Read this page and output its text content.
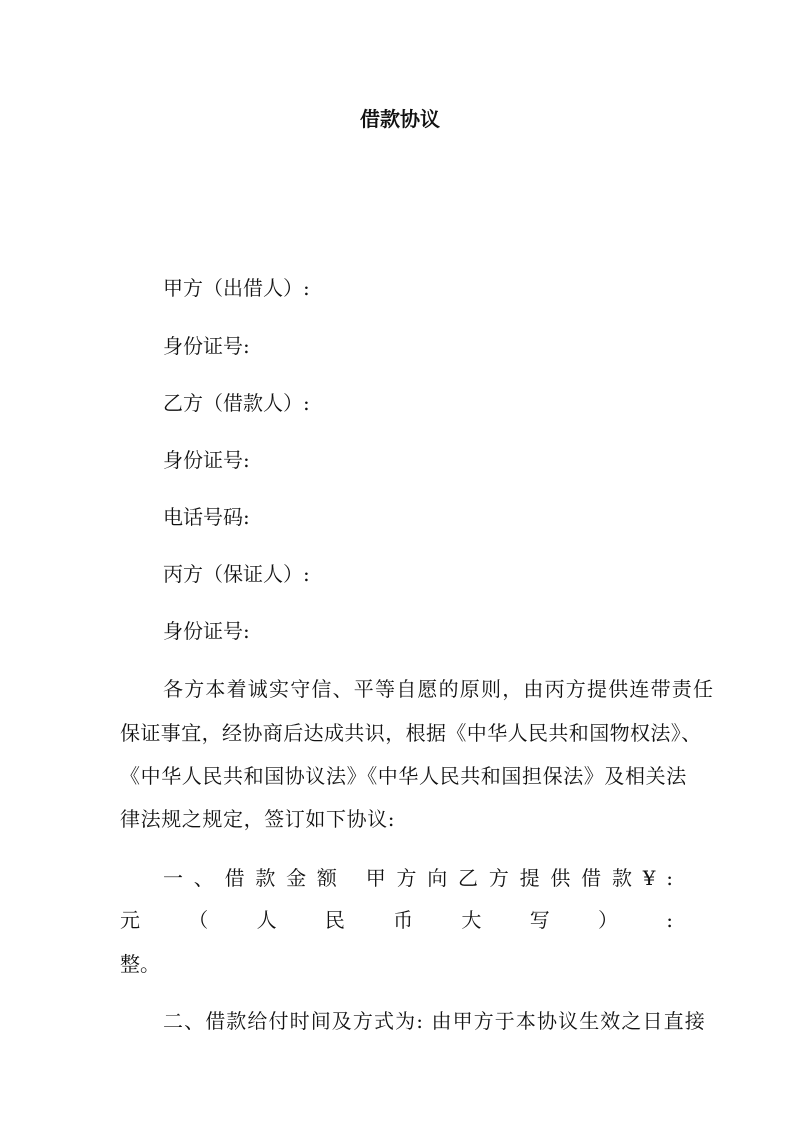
借款协议

甲方（出借人）:

身份证号:

乙方（借款人）:

身份证号:

电话号码:

丙方（保证人）:

身份证号:

各方本着诚实守信、平等自愿的原则，由丙方提供连带责任

保证事宜，经协商后达成共识，根据《中华人民共和国物权法》、

《中华人民共和国协议法》《中华人民共和国担保法》及相关法

律法规之规定，签订如下协议:

一 、 借 款 金 额 甲 方 向 乙 方 提 供 借 款 ¥ :
元 （ 人 民 币 大 写 ） :

整。

二、借款给付时间及方式为: 由甲方于本协议生效之日直接
